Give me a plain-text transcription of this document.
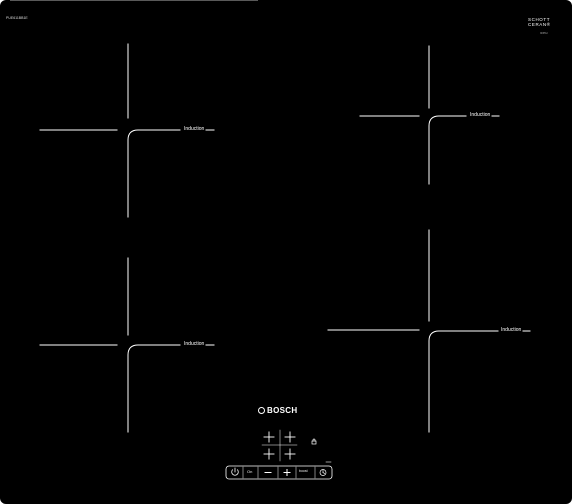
PUE611BB1E	SCHOTT
CERAN®
ЗОНЫ
Induction
Induction
Induction
Induction
BOSCH
On	boost
